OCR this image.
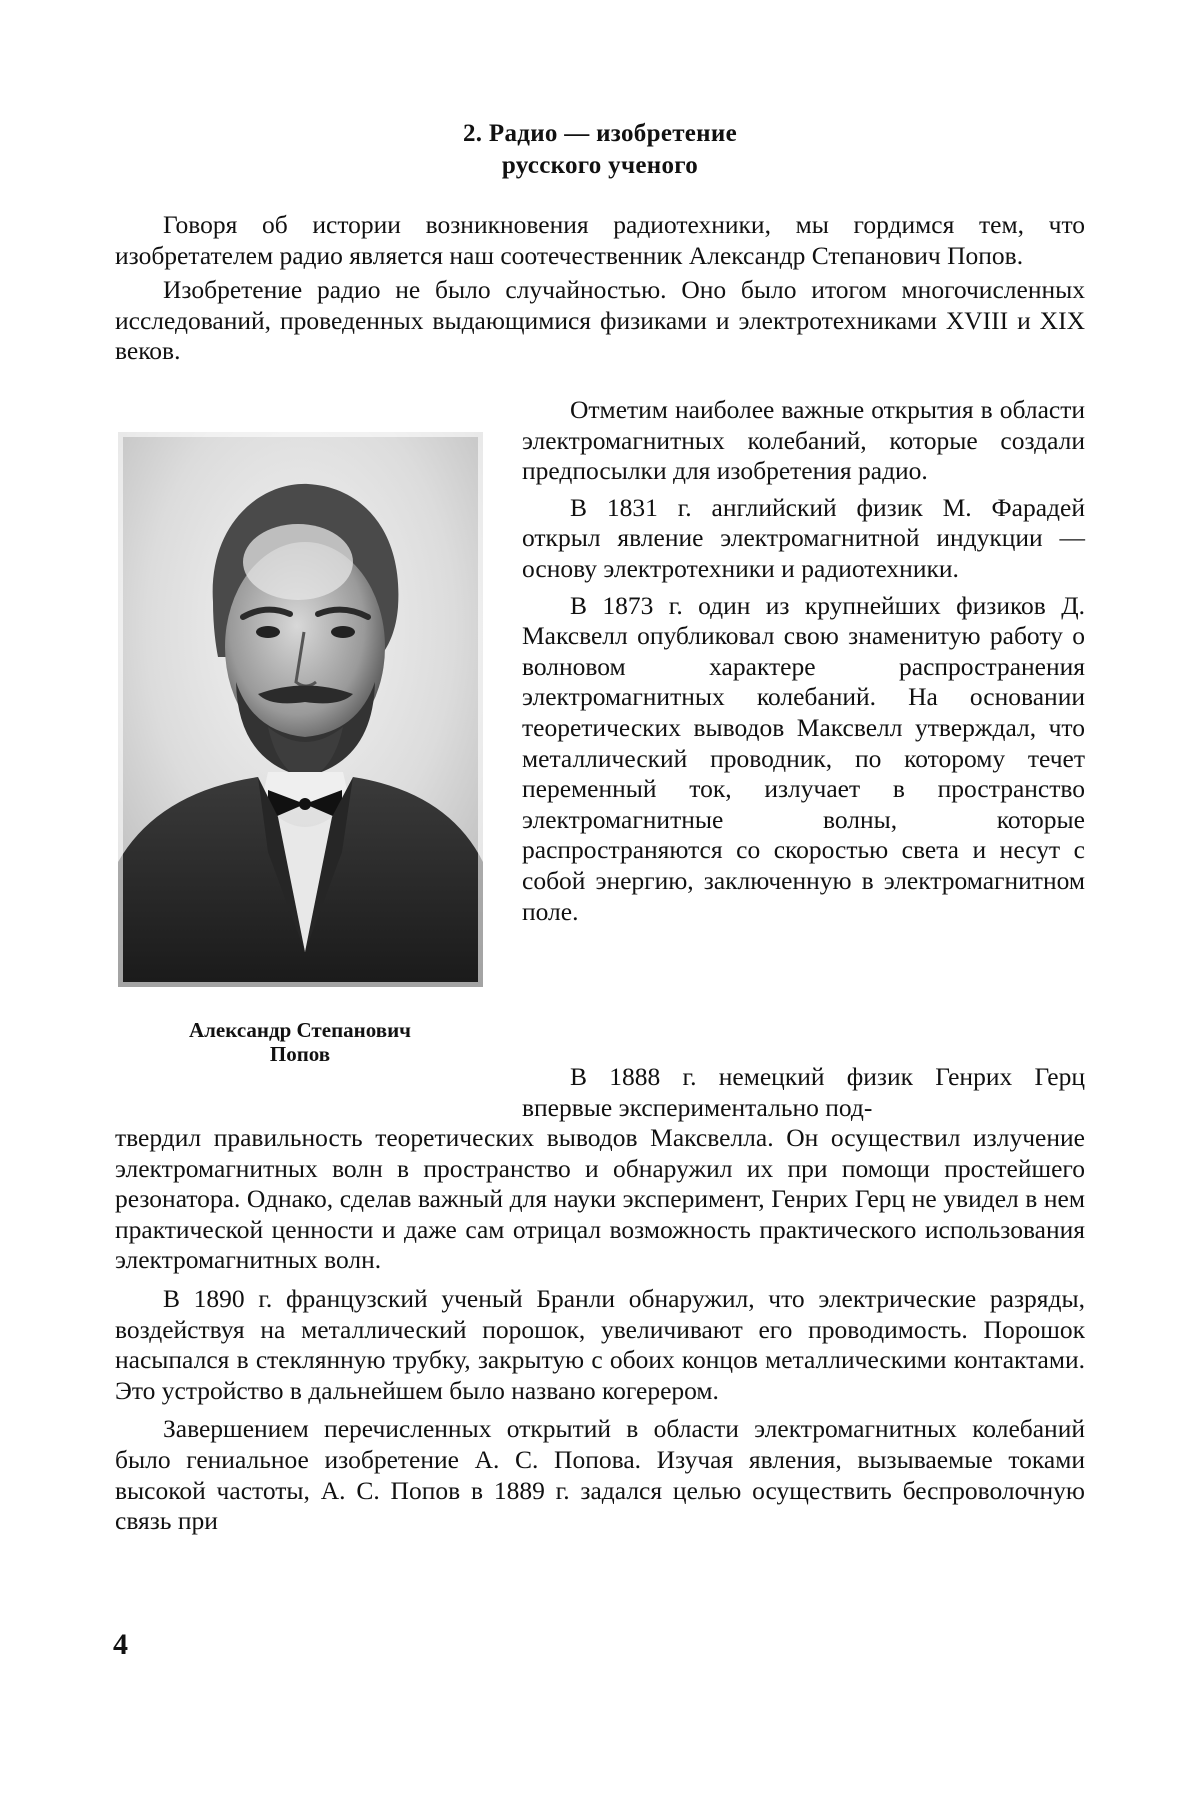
2. Радио — изобретение
русского ученого

Говоря об истории возникновения радиотехники, мы гордимся тем, что изобретателем радио является наш соотечественник Александр Степанович Попов.

Изобретение радио не было случайностью. Оно было итогом многочисленных исследований, проведенных выдающимися физиками и электротехниками XVIII и XIX веков.

Александр Степанович
Попов

Отметим наиболее важные открытия в области электромагнитных колебаний, которые создали предпосылки для изобретения радио.

В 1831 г. английский физик М. Фарадей открыл явление электромагнитной индукции — основу электротехники и радиотехники.

В 1873 г. один из крупнейших физиков Д. Максвелл опубликовал свою знаменитую работу о волновом характере распространения электромагнитных колебаний. На основании теоретических выводов Максвелл утверждал, что металлический проводник, по которому течет переменный ток, излучает в пространство электромагнитные волны, которые распространяются со скоростью света и несут с собой энергию, заключенную в электромагнитном поле.

В 1888 г. немецкий физик Генрих Герц впервые экспериментально под-

твердил правильность теоретических выводов Максвелла. Он осуществил излучение электромагнитных волн в пространство и обнаружил их при помощи простейшего резонатора. Однако, сделав важный для науки эксперимент, Генрих Герц не увидел в нем практической ценности и даже сам отрицал возможность практического использования электромагнитных волн.

В 1890 г. французский ученый Бранли обнаружил, что электрические разряды, воздействуя на металлический порошок, увеличивают его проводимость. Порошок насыпался в стеклянную трубку, закрытую с обоих концов металлическими контактами. Это устройство в дальнейшем было названо когерером.

Завершением перечисленных открытий в области электромагнитных колебаний было гениальное изобретение А. С. Попова. Изучая явления, вызываемые токами высокой частоты, А. С. Попов в 1889 г. задался целью осуществить беспроволочную связь при

4
